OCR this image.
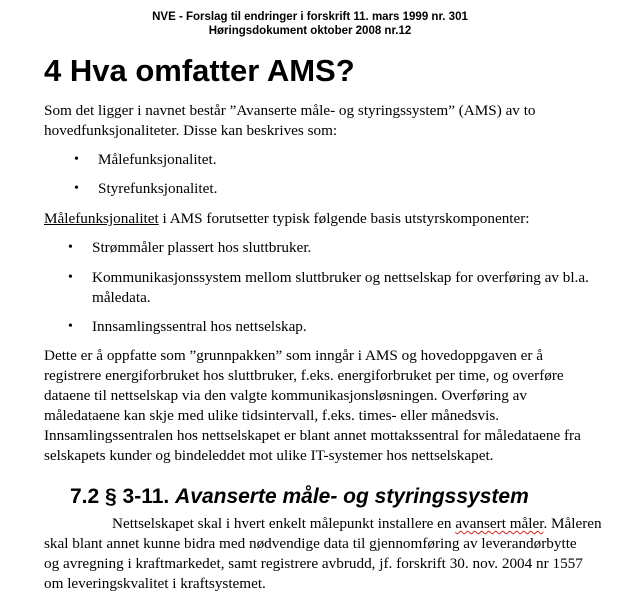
NVE - Forslag til endringer i forskrift 11. mars 1999 nr. 301
Høringsdokument oktober 2008 nr.12
4 Hva omfatter AMS?
Som det ligger i navnet består ”Avanserte måle- og styringssystem” (AMS) av to
hovedfunksjonaliteter. Disse kan beskrives som:
• Målefunksjonalitet.
• Styrefunksjonalitet.
Målefunksjonalitet i AMS forutsetter typisk følgende basis utstyrskomponenter:
• Strømmåler plassert hos sluttbruker.
• Kommunikasjonssystem mellom sluttbruker og nettselskap for overføring av bl.a.
måledata.
• Innsamlingssentral hos nettselskap.
Dette er å oppfatte som ”grunnpakken” som inngår i AMS og hovedoppgaven er å
registrere energiforbruket hos sluttbruker, f.eks. energiforbruket per time, og overføre
dataene til nettselskap via den valgte kommunikasjonsløsningen. Overføring av
måledataene kan skje med ulike tidsintervall, f.eks. times- eller månedsvis.
Innsamlingssentralen hos nettselskapet er blant annet mottakssentral for måledataene fra
selskapets kunder og bindeleddet mot ulike IT-systemer hos nettselskapet.
7.2 § 3-11. Avanserte måle- og styringssystem
Nettselskapet skal i hvert enkelt målepunkt installere en avansert måler. Måleren
skal blant annet kunne bidra med nødvendige data til gjennomføring av leverandørbytte
og avregning i kraftmarkedet, samt registrere avbrudd, jf. forskrift 30. nov. 2004 nr 1557
om leveringskvalitet i kraftsystemet.
